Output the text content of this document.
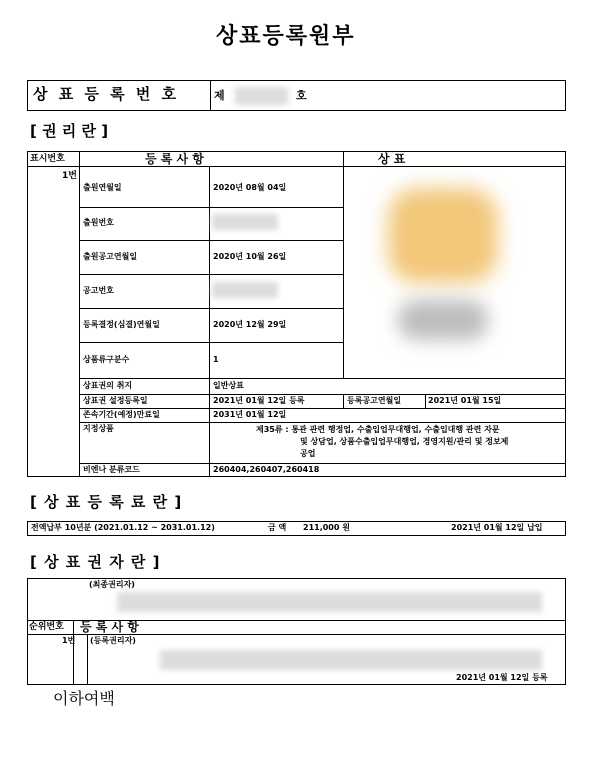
상표등록원부
상 표 등 록 번 호	제	호
[ 권 리 란 ]
표시번호	등 록 사 항	상 표
1번
출원연월일	2020년 08월 04일
출원번호
출원공고연월일	2020년 10월 26일
공고번호
등록결정(심결)연월일	2020년 12월 29일
상품류구분수	1
상표권의 취지	일반상표
상표권 설정등록일	2021년 01월 12일 등록	등록공고연월일	2021년 01월 15일
존속기간(예정)만료일	2031년 01월 12일
지정상품	제35류 : 통관 관련 행정업, 수출입업무대행업, 수출입대행 관련 자문
및 상담업, 상품수출입업무대행업, 경영지원/관리 및 정보제
공업
비엔나 분류코드	260404,260407,260418
[ 상 표 등 록 료 란 ]
전액납부 10년분 (2021.01.12 ~ 2031.01.12)	금 액 211,000 원	2021년 01월 12일 납입
[ 상 표 권 자 란 ]
(최종권리자)
순위번호 등 록 사 항
1번 (등록권리자)
2021년 01월 12일 등록
이하여백
